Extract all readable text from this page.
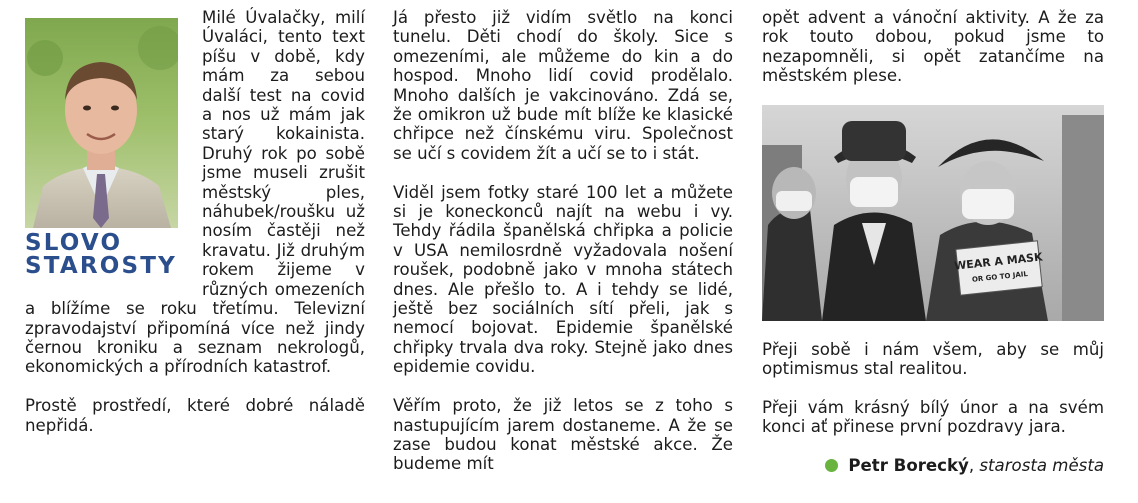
SLOVO
STAROSTY

Milé Úvalačky, milí Úvaláci, tento text píšu v době, kdy mám za sebou další test na covid a nos už mám jak starý kokainista. Druhý rok po sobě jsme museli zrušit městský ples, náhubek/roušku už nosím častěji než kravatu. Již druhým rokem žijeme v různých omezeních a blížíme se roku třetímu. Televizní zpravodajství připomíná více než jindy černou kroniku a seznam nekrologů, ekonomických a přírodních katastrof.

Prostě prostředí, které dobré náladě nepřidá.

Já přesto již vidím světlo na konci tunelu. Děti chodí do školy. Sice s omezeními, ale můžeme do kin a do hospod. Mnoho lidí covid prodělalo. Mnoho dalších je vakcinováno. Zdá se, že omikron už bude mít blíže ke klasické chřipce než čínskému viru. Společnost se učí s covidem žít a učí se to i stát.

Viděl jsem fotky staré 100 let a můžete si je koneckonců najít na webu i vy. Tehdy řádila španělská chřipka a policie v USA nemilosrdně vyžadovala nošení roušek, podobně jako v mnoha státech dnes. Ale přešlo to. A i tehdy se lidé, ještě bez sociálních sítí přeli, jak s nemocí bojovat. Epidemie španělské chřipky trvala dva roky. Stejně jako dnes epidemie covidu.

Věřím proto, že již letos se z toho s nastupujícím jarem dostaneme. A že se zase budou konat městské akce. Že budeme mít

opět advent a vánoční aktivity. A že za rok touto dobou, pokud jsme to nezapomněli, si opět zatančíme na městském plese.

WEAR A MASK
OR GO TO JAIL

Přeji sobě i nám všem, aby se můj optimismus stal realitou.

Přeji vám krásný bílý únor a na svém konci ať přinese první pozdravy jara.

Petr Borecký, starosta města
